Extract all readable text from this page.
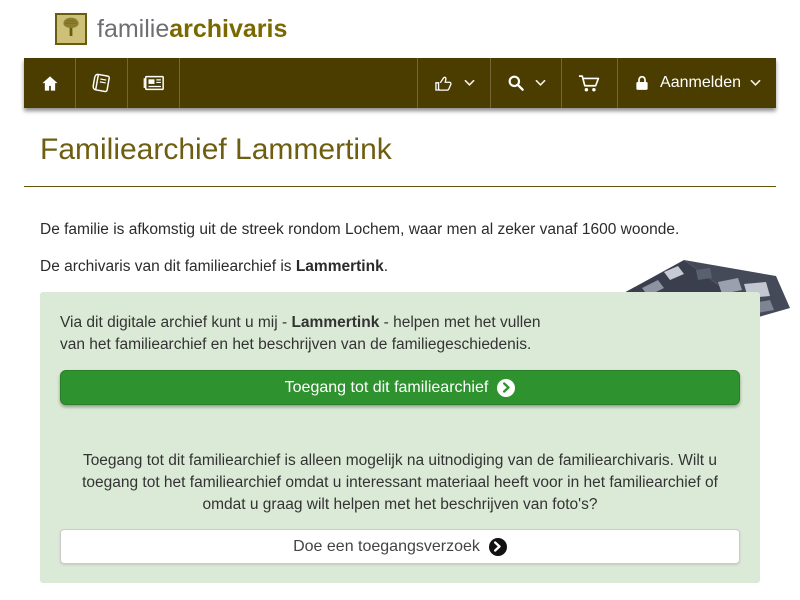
familiearchivaris
Aanmelden
Familiearchief Lammertink

De familie is afkomstig uit de streek rondom Lochem, waar men al zeker vanaf 1600 woonde.

De archivaris van dit familiearchief is Lammertink.

Via dit digitale archief kunt u mij - Lammertink - helpen met het vullen
van het familiearchief en het beschrijven van de familiegeschiedenis.
Toegang tot dit familiearchief
Toegang tot dit familiearchief is alleen mogelijk na uitnodiging van de familiearchivaris. Wilt u toegang tot het familiearchief omdat u interessant materiaal heeft voor in het familiearchief of omdat u graag wilt helpen met het beschrijven van foto's?
Doe een toegangsverzoek
